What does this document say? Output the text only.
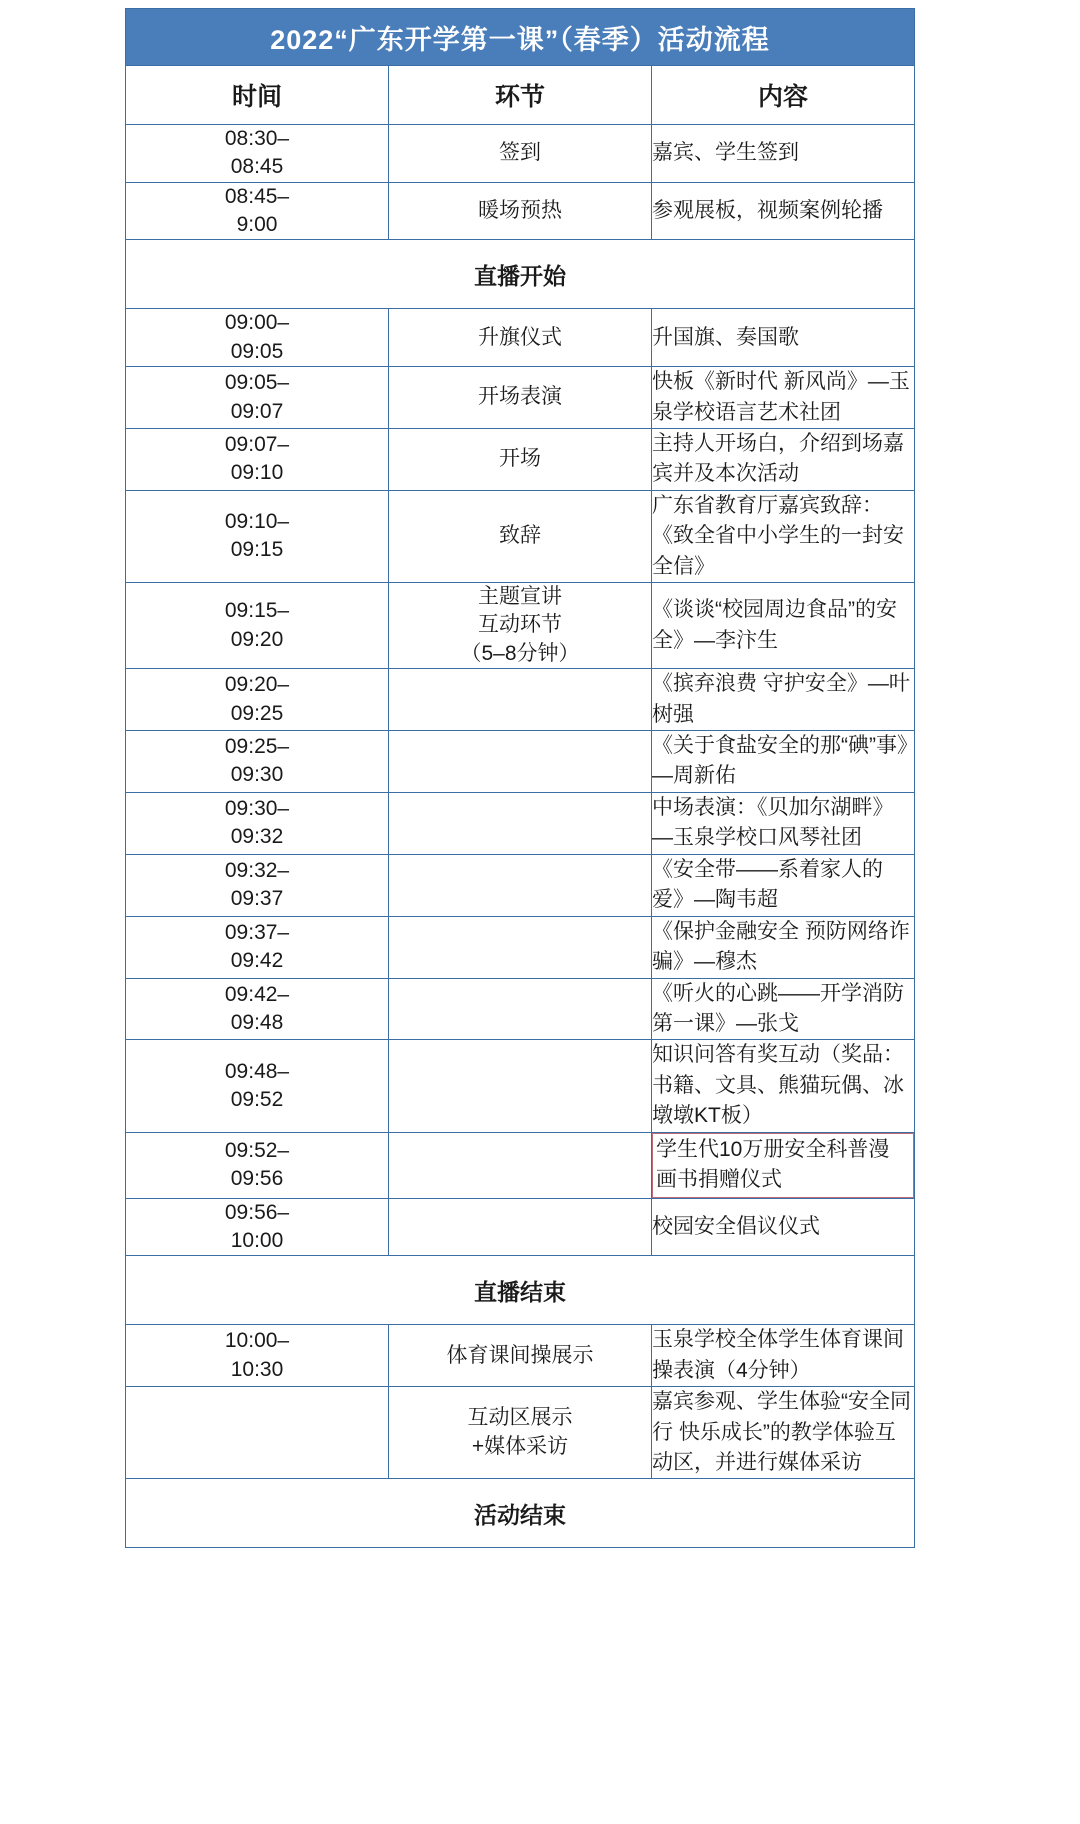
2022“广东开学第一课”（春季）活动流程		
时间	环节	内容
08:30–
08:45	签到	嘉宾、学生签到
08:45–
9:00	暖场预热	参观展板，视频案例轮播
直播开始		
09:00–
09:05	升旗仪式	升国旗、奏国歌
09:05–
09:07	开场表演	快板《新时代 新风尚》—玉泉学校语言艺术社团
09:07–
09:10	开场	主持人开场白，介绍到场嘉宾并及本次活动
09:10–
09:15	致辞	广东省教育厅嘉宾致辞：《致全省中小学生的一封安全信》
09:15–
09:20	主题宣讲
互动环节
（5–8分钟）	《谈谈“校园周边食品”的安全》—李汴生
09:20–
09:25		《摈弃浪费 守护安全》—叶树强
09:25–
09:30		《关于食盐安全的那“碘”事》—周新佑
09:30–
09:32		中场表演：《贝加尔湖畔》—玉泉学校口风琴社团
09:32–
09:37		《安全带——系着家人的爱》—陶韦超
09:37–
09:42		《保护金融安全 预防网络诈骗》—穆杰
09:42–
09:48		《听火的心跳——开学消防第一课》—张戈
09:48–
09:52		知识问答有奖互动（奖品：书籍、文具、熊猫玩偶、冰墩墩KT板）
09:52–
09:56		学生代10万册安全科普漫画书捐赠仪式
09:56–
10:00		校园安全倡议仪式
直播结束		
10:00–
10:30	体育课间操展示	玉泉学校全体学生体育课间操表演（4分钟）
	互动区展示
+媒体采访	嘉宾参观、学生体验“安全同行 快乐成长”的教学体验互动区，并进行媒体采访
活动结束		
